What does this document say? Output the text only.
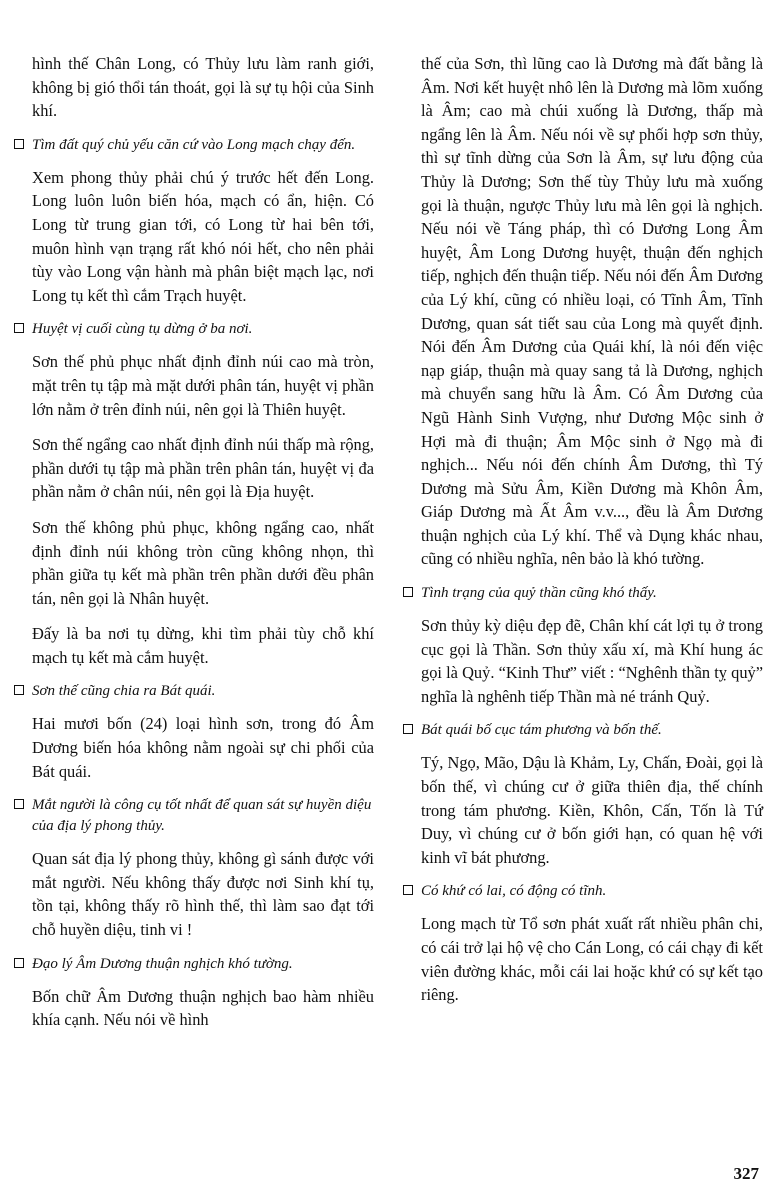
hình thế Chân Long, có Thủy lưu làm ranh giới, không bị gió thổi tán thoát, gọi là sự tụ hội của Sinh khí.

Tìm đất quý chủ yếu căn cứ vào Long mạch chạy đến.

Xem phong thủy phải chú ý trước hết đến Long. Long luôn luôn biến hóa, mạch có ẩn, hiện. Có Long từ trung gian tới, có Long từ hai bên tới, muôn hình vạn trạng rất khó nói hết, cho nên phải tùy vào Long vận hành mà phân biệt mạch lạc, nơi Long tụ kết thì cắm Trạch huyệt.

Huyệt vị cuối cùng tụ dừng ở ba nơi.

Sơn thế phủ phục nhất định đỉnh núi cao mà tròn, mặt trên tụ tập mà mặt dưới phân tán, huyệt vị phần lớn nằm ở trên đỉnh núi, nên gọi là Thiên huyệt.

Sơn thế ngẩng cao nhất định đỉnh núi thấp mà rộng, phần dưới tụ tập mà phần trên phân tán, huyệt vị đa phần nằm ở chân núi, nên gọi là Địa huyệt.

Sơn thế không phủ phục, không ngẩng cao, nhất định đỉnh núi không tròn cũng không nhọn, thì phần giữa tụ kết mà phần trên phần dưới đều phân tán, nên gọi là Nhân huyệt.

Đấy là ba nơi tụ dừng, khi tìm phải tùy chỗ khí mạch tụ kết mà cắm huyệt.

Sơn thế cũng chia ra Bát quái.

Hai mươi bốn (24) loại hình sơn, trong đó Âm Dương biến hóa không nằm ngoài sự chi phối của Bát quái.

Mắt người là công cụ tốt nhất để quan sát sự huyền diệu của địa lý phong thủy.

Quan sát địa lý phong thủy, không gì sánh được với mắt người. Nếu không thấy được nơi Sinh khí tụ, tồn tại, không thấy rõ hình thế, thì làm sao đạt tới chỗ huyền diệu, tinh vi !

Đạo lý Âm Dương thuận nghịch khó tường.

Bốn chữ Âm Dương thuận nghịch bao hàm nhiều khía cạnh. Nếu nói về hình

thế của Sơn, thì lũng cao là Dương mà đất bằng là Âm. Nơi kết huyệt nhô lên là Dương mà lõm xuống là Âm; cao mà chúi xuống là Dương, thấp mà ngẩng lên là Âm. Nếu nói về sự phối hợp sơn thủy, thì sự tĩnh dừng của Sơn là Âm, sự lưu động của Thủy là Dương; Sơn thế tùy Thủy lưu mà xuống gọi là thuận, ngược Thủy lưu mà lên gọi là nghịch. Nếu nói về Táng pháp, thì có Dương Long Âm huyệt, Âm Long Dương huyệt, thuận đến nghịch tiếp, nghịch đến thuận tiếp. Nếu nói đến Âm Dương của Lý khí, cũng có nhiều loại, có Tĩnh Âm, Tĩnh Dương, quan sát tiết sau của Long mà quyết định. Nói đến Âm Dương của Quái khí, là nói đến việc nạp giáp, thuận mà quay sang tả là Dương, nghịch mà chuyển sang hữu là Âm. Có Âm Dương của Ngũ Hành Sinh Vượng, như Dương Mộc sinh ở Hợi mà đi thuận; Âm Mộc sinh ở Ngọ mà đi nghịch... Nếu nói đến chính Âm Dương, thì Tý Dương mà Sửu Âm, Kiền Dương mà Khôn Âm, Giáp Dương mà Ất Âm v.v..., đều là Âm Dương thuận nghịch của Lý khí. Thể và Dụng khác nhau, cũng có nhiều nghĩa, nên bảo là khó tường.

Tình trạng của quỷ thần cũng khó thấy.

Sơn thủy kỳ diệu đẹp đẽ, Chân khí cát lợi tụ ở trong cục gọi là Thần. Sơn thủy xấu xí, mà Khí hung ác gọi là Quỷ. “Kinh Thư” viết : “Nghênh thần tỵ quỷ” nghĩa là nghênh tiếp Thần mà né tránh Quỷ.

Bát quái bố cục tám phương và bốn thế.

Tý, Ngọ, Mão, Dậu là Khảm, Ly, Chấn, Đoài, gọi là bốn thế, vì chúng cư ở giữa thiên địa, thế chính trong tám phương. Kiền, Khôn, Cấn, Tốn là Tứ Duy, vì chúng cư ở bốn giới hạn, có quan hệ với kinh vĩ bát phương.

Có khứ có lai, có động có tĩnh.

Long mạch từ Tổ sơn phát xuất rất nhiều phân chi, có cái trở lại hộ vệ cho Cán Long, có cái chạy đi kết viên đường khác, mỗi cái lai hoặc khứ có sự kết tạo riêng.

327
